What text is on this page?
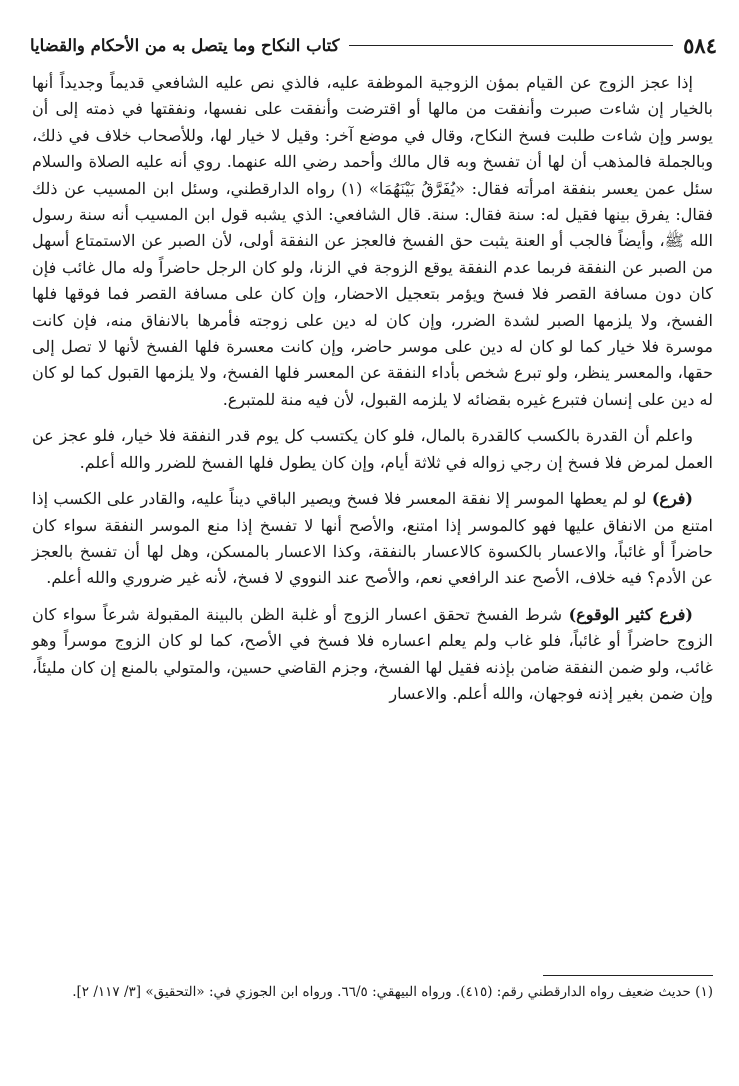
٥٨٤
كتاب النكاح وما يتصل به من الأحكام والقضايا

إذا عجز الزوج عن القيام بمؤن الزوجية الموظفة عليه، فالذي نص عليه الشافعي قديماً وجديداً أنها بالخيار إن شاءت صبرت وأنفقت من مالها أو اقترضت وأنفقت على نفسها، ونفقتها في ذمته إلى أن يوسر وإن شاءت طلبت فسخ النكاح، وقال في موضع آخر: وقيل لا خيار لها، وللأصحاب خلاف في ذلك، وبالجملة فالمذهب أن لها أن تفسخ وبه قال مالك وأحمد رضي الله عنهما. روي أنه عليه الصلاة والسلام سئل عمن يعسر بنفقة امرأته فقال: «يُفَرَّقُ بَيْنَهُمَا» (١) رواه الدارقطني، وسئل ابن المسيب عن ذلك فقال: يفرق بينها فقيل له: سنة فقال: سنة. قال الشافعي: الذي يشبه قول ابن المسيب أنه سنة رسول الله ﷺ، وأيضاً فالجب أو العنة يثبت حق الفسخ فالعجز عن النفقة أولى، لأن الصبر عن الاستمتاع أسهل من الصبر عن النفقة فربما عدم النفقة يوقع الزوجة في الزنا، ولو كان الرجل حاضراً وله مال غائب فإن كان دون مسافة القصر فلا فسخ ويؤمر بتعجيل الاحضار، وإن كان على مسافة القصر فما فوقها فلها الفسخ، ولا يلزمها الصبر لشدة الضرر، وإن كان له دين على زوجته فأمرها بالانفاق منه، فإن كانت موسرة فلا خيار كما لو كان له دين على موسر حاضر، وإن كانت معسرة فلها الفسخ لأنها لا تصل إلى حقها، والمعسر ينظر، ولو تبرع شخص بأداء النفقة عن المعسر فلها الفسخ، ولا يلزمها القبول كما لو كان له دين على إنسان فتبرع غيره بقضائه لا يلزمه القبول، لأن فيه منة للمتبرع.

واعلم أن القدرة بالكسب كالقدرة بالمال، فلو كان يكتسب كل يوم قدر النفقة فلا خيار، فلو عجز عن العمل لمرض فلا فسخ إن رجي زواله في ثلاثة أيام، وإن كان يطول فلها الفسخ للضرر والله أعلم.

(فرع) لو لم يعطها الموسر إلا نفقة المعسر فلا فسخ ويصير الباقي ديناً عليه، والقادر على الكسب إذا امتنع من الانفاق عليها فهو كالموسر إذا امتنع، والأصح أنها لا تفسخ إذا منع الموسر النفقة سواء كان حاضراً أو غائباً، والاعسار بالكسوة كالاعسار بالنفقة، وكذا الاعسار بالمسكن، وهل لها أن تفسخ بالعجز عن الأدم؟ فيه خلاف، الأصح عند الرافعي نعم، والأصح عند النووي لا فسخ، لأنه غير ضروري والله أعلم.

(فرع كثير الوقوع) شرط الفسخ تحقق اعسار الزوج أو غلبة الظن بالبينة المقبولة شرعاً سواء كان الزوج حاضراً أو غائباً، فلو غاب ولم يعلم اعساره فلا فسخ في الأصح، كما لو كان الزوج موسراً وهو غائب، ولو ضمن النفقة ضامن بإذنه فقيل لها الفسخ، وجزم القاضي حسين، والمتولي بالمنع إن كان مليئاً، وإن ضمن بغير إذنه فوجهان، والله أعلم. والاعسار

(١) حديث ضعيف رواه الدارقطني رقم: (٤١٥). ورواه البيهقي: ٦٦/٥. ورواه ابن الجوزي في: «التحقيق» [٣/ ١١٧/ ٢].
